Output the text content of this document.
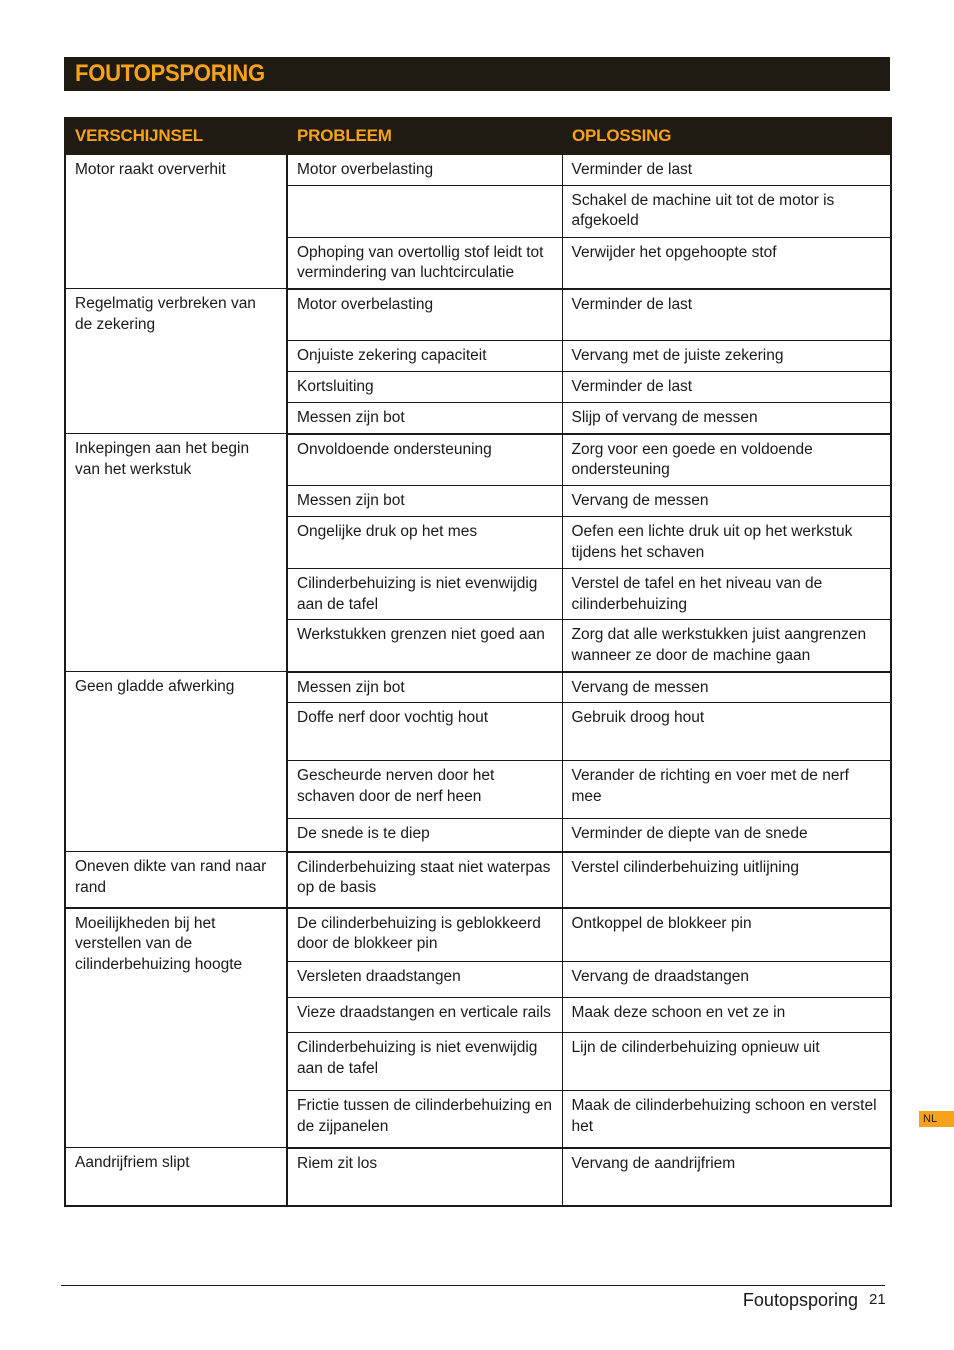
FOUTOPSPORING
VERSCHIJNSEL	PROBLEEM	OPLOSSING
Motor raakt oververhit	Motor overbelasting	Verminder de last
		Schakel de machine uit tot de motor is afgekoeld
	Ophoping van overtollig stof leidt tot vermindering van luchtcirculatie	Verwijder het opgehoopte stof
Regelmatig verbreken van de zekering	Motor overbelasting	Verminder de last
	Onjuiste zekering capaciteit	Vervang met de juiste zekering
	Kortsluiting	Verminder de last
	Messen zijn bot	Slijp of vervang de messen
Inkepingen aan het begin van het werkstuk	Onvoldoende ondersteuning	Zorg voor een goede en voldoende ondersteuning
	Messen zijn bot	Vervang de messen
	Ongelijke druk op het mes	Oefen een lichte druk uit op het werkstuk tijdens het schaven
	Cilinderbehuizing is niet evenwijdig aan de tafel	Verstel de tafel en het niveau van de cilinderbehuizing
	Werkstukken grenzen niet goed aan	Zorg dat alle werkstukken juist aangrenzen wanneer ze door de machine gaan
Geen gladde afwerking	Messen zijn bot	Vervang de messen
	Doffe nerf door vochtig hout	Gebruik droog hout
	Gescheurde nerven door het schaven door de nerf heen	Verander de richting en voer met de nerf mee
	De snede is te diep	Verminder de diepte van de snede
Oneven dikte van rand naar rand	Cilinderbehuizing staat niet waterpas op de basis	Verstel cilinderbehuizing uitlijning
Moeilijkheden bij het verstellen van de cilinderbehuizing hoogte	De cilinderbehuizing is geblokkeerd door de blokkeer pin	Ontkoppel de blokkeer pin
	Versleten draadstangen	Vervang de draadstangen
	Vieze draadstangen en verticale rails	Maak deze schoon en vet ze in
	Cilinderbehuizing is niet evenwijdig aan de tafel	Lijn de cilinderbehuizing opnieuw uit
	Frictie tussen de cilinderbehuizing en de zijpanelen	Maak de cilinderbehuizing schoon en verstel het
Aandrijfriem slipt	Riem zit los	Vervang de aandrijfriem
NL
Foutopsporing 21
